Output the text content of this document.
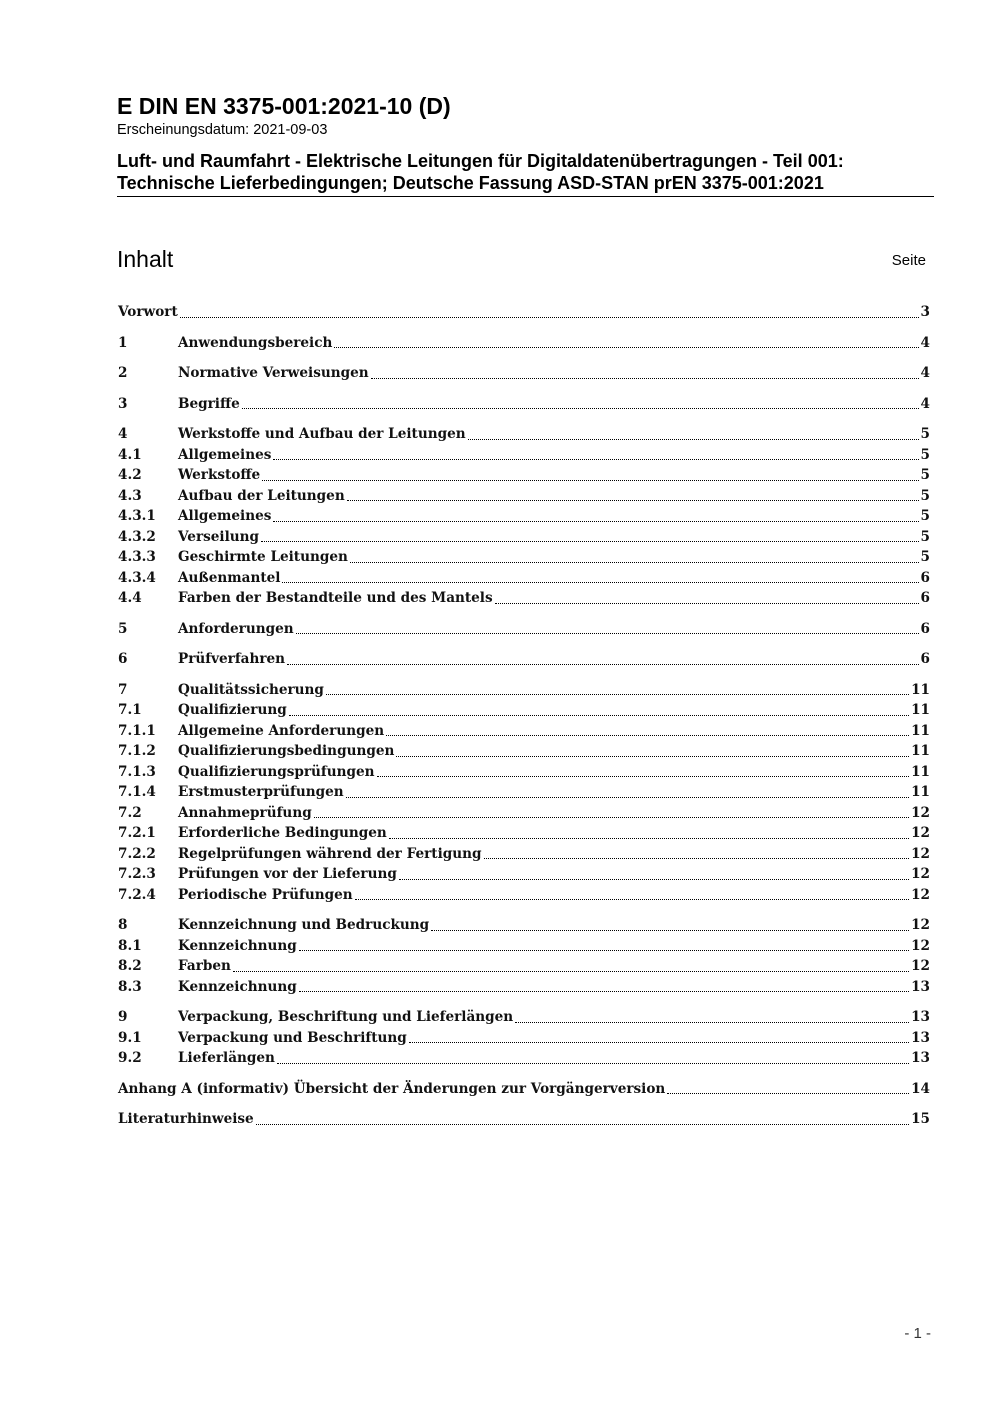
E DIN EN 3375-001:2021-10 (D)

Erscheinungsdatum: 2021-09-03

Luft- und Raumfahrt - Elektrische Leitungen für Digitaldatenübertragungen - Teil 001:
Technische Lieferbedingungen; Deutsche Fassung ASD-STAN prEN 3375-001:2021
Inhalt	Seite
Vorwort	3
1	Anwendungsbereich	4
2	Normative Verweisungen	4
3	Begriffe	4
4	Werkstoffe und Aufbau der Leitungen	5
4.1	Allgemeines	5
4.2	Werkstoffe	5
4.3	Aufbau der Leitungen	5
4.3.1	Allgemeines	5
4.3.2	Verseilung	5
4.3.3	Geschirmte Leitungen	5
4.3.4	Außenmantel	6
4.4	Farben der Bestandteile und des Mantels	6
5	Anforderungen	6
6	Prüfverfahren	6
7	Qualitätssicherung	11
7.1	Qualifizierung	11
7.1.1	Allgemeine Anforderungen	11
7.1.2	Qualifizierungsbedingungen	11
7.1.3	Qualifizierungsprüfungen	11
7.1.4	Erstmusterprüfungen	11
7.2	Annahmeprüfung	12
7.2.1	Erforderliche Bedingungen	12
7.2.2	Regelprüfungen während der Fertigung	12
7.2.3	Prüfungen vor der Lieferung	12
7.2.4	Periodische Prüfungen	12
8	Kennzeichnung und Bedruckung	12
8.1	Kennzeichnung	12
8.2	Farben	12
8.3	Kennzeichnung	13
9	Verpackung, Beschriftung und Lieferlängen	13
9.1	Verpackung und Beschriftung	13
9.2	Lieferlängen	13
Anhang A (informativ) Übersicht der Änderungen zur Vorgängerversion	14
Literaturhinweise	15
- 1 -
